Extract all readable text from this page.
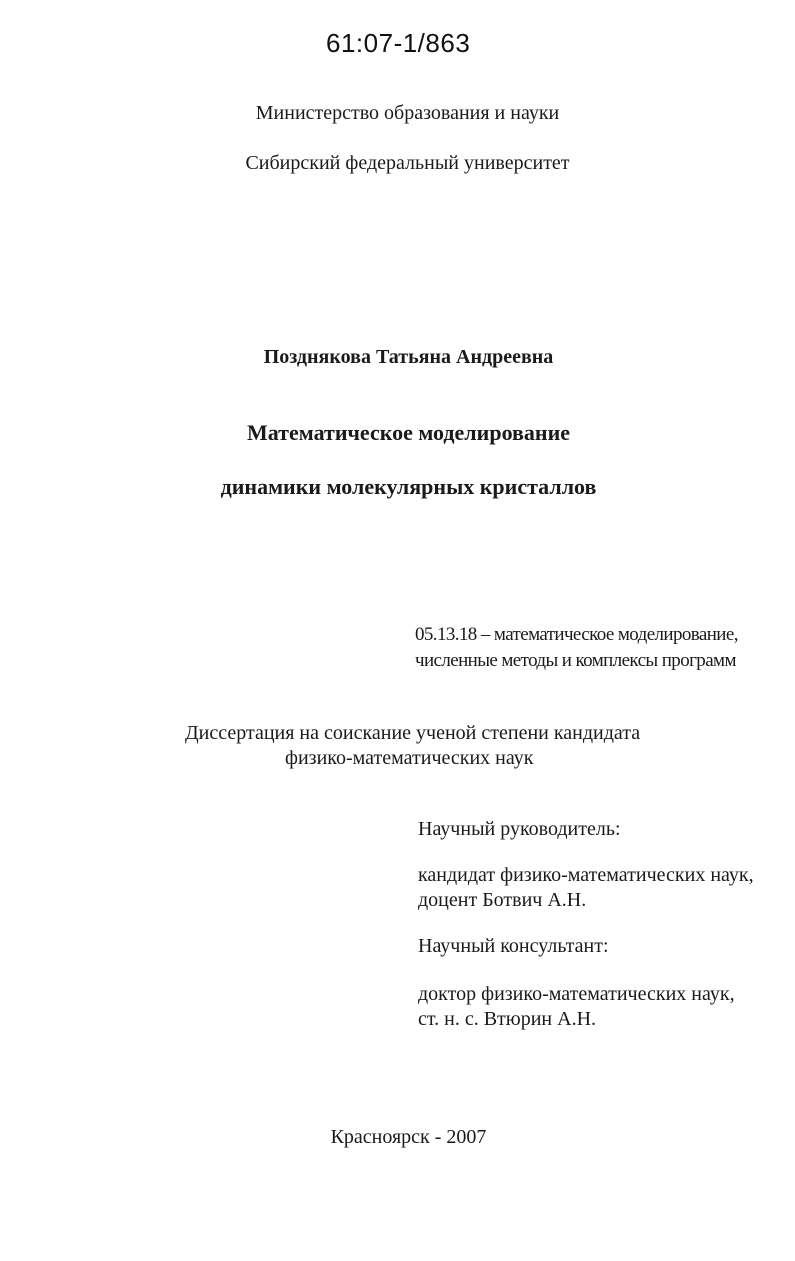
61:07-1/863
Министерство образования и науки
Сибирский федеральный университет
Позднякова Татьяна Андреевна
Математическое моделирование
динамики молекулярных кристаллов
05.13.18 – математическое моделирование,
численные методы и комплексы программ
Диссертация на соискание ученой степени кандидата
физико-математических наук
Научный руководитель:
кандидат физико-математических наук,
доцент Ботвич А.Н.
Научный консультант:
доктор физико-математических наук,
ст. н. с. Втюрин А.Н.
Красноярск - 2007
